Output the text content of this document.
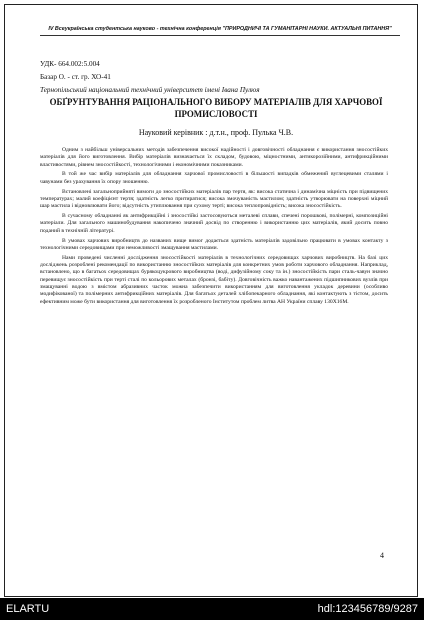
IV Всеукраїнська студентська науково - технічна конференція "ПРИРОДНИЧІ ТА ГУМАНІТАРНІ НАУКИ. АКТУАЛЬНІ ПИТАННЯ"
УДК- 664.002:5.004
Базар О. - ст. гр. ХО-41
Тернопільський національний технічний університет імені Івана Пулюя
ОБҐРУНТУВАННЯ РАЦІОНАЛЬНОГО ВИБОРУ МАТЕРІАЛІВ ДЛЯ ХАРЧОВОЇ ПРОМИСЛОВОСТІ
Науковий керівник : д.т.н., проф. Пулька Ч.В.

Одним з найбільш універсальних методів забезпечення високої надійності і довговічності обладнання є використання зносостійких матеріалів для його виготовлення. Вибір матеріалів визначається їх складом, будовою, міцностними, антикорозійними, антифрикційними властивостями, рівнем зносостійкості, технологічними і економічними показниками.

В той же час вибір матеріалів для обладнання харчової промисловості в більшості випадків обмежений вуглецевими сталями і чавунами без урахування їх опору зношенню.

Встановлені загальноприйняті вимоги до зносостійких матеріалів пар тертя, як: висока статична і динамічна міцність при підвищених температурах; малий коефіцієнт тертя; здатність легко притиратися; висока змочуваність мастилом; здатність утворювати на поверхні міцний шар мастила і відновлювати його; відсутність утиплювання при сухому терті; висока теплопровідність; висока зносостійкість.

В сучасному обладнанні як антифрикційні і зносостійкі застосовуються металеві сплави, спечені порошкові, полімерні, композиційні матеріали. Для загального машинобудування накопичено значний досвід по створенню і використанню цих матеріалів, який досить повно поданий в технічній літературі.

В умовах харчових виробництв до названих вище вимог додається здатність матеріалів задовільно працювати в умовах контакту з технологічними середовищами при неможливості змащування мастилами.

Нами проведені численні дослідження зносостійкості матеріалів в технологічних середовищах харчових виробництв. На базі цих досліджень розроблені рекомендації по використанню зносостійких матеріалів для конкретних умов роботи харчового обладнання. Наприклад, встановлено, що в багатьох середовищах бурякоцукрового виробництва (воді, дифузійному соку та ін.) зносостійкість пари сталь-чавун значно перевищує зносостійкість при терті сталі по кольорових металах (бронзі, бабіту). Довговічність важко навантажених підшипникових вузлів при змащуванні водою з вмістом абразивних часток можна забезпечити використанням для виготовлення укладок деревини (особливо модифікованої) та полімерних антифрикційних матеріалів. Для багатьох деталей хлібопекарного обладнання, які контактують з тістом, досить ефективним може бути використання для виготовлення їх розробленого Інститутом проблем литва АН України сплаву 130Х16М.

4
ELARTU	hdl:123456789/9287
